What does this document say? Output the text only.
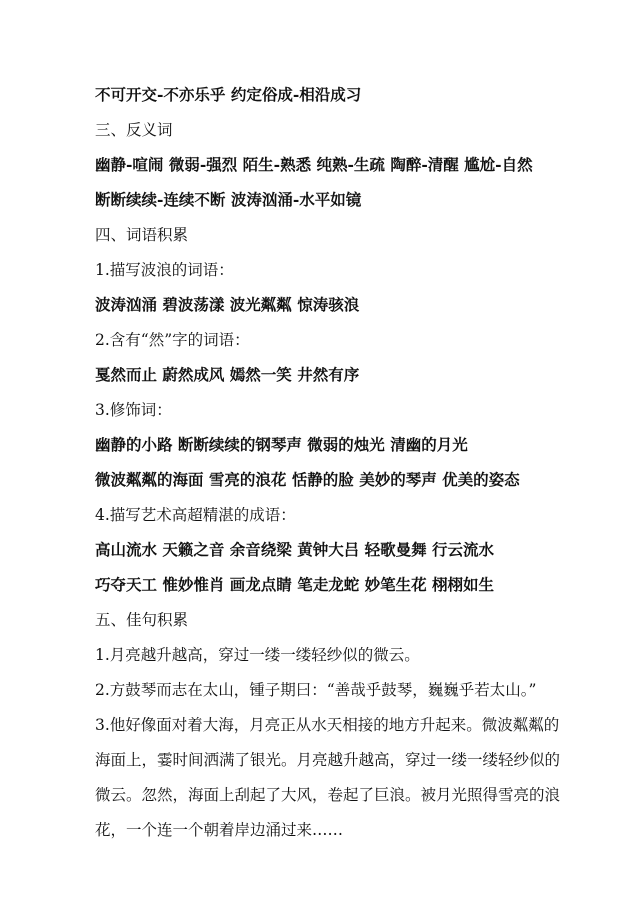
不可开交-不亦乐乎 约定俗成-相沿成习
三、反义词
幽静-喧闹 微弱-强烈 陌生-熟悉 纯熟-生疏 陶醉-清醒 尴尬-自然
断断续续-连续不断 波涛汹涌-水平如镜
四、词语积累
1.描写波浪的词语：
波涛汹涌 碧波荡漾 波光粼粼 惊涛骇浪
2.含有“然”字的词语：
戛然而止 蔚然成风 嫣然一笑 井然有序
3.修饰词：
幽静的小路 断断续续的钢琴声 微弱的烛光 清幽的月光
微波粼粼的海面 雪亮的浪花 恬静的脸 美妙的琴声 优美的姿态
4.描写艺术高超精湛的成语：
高山流水 天籁之音 余音绕梁 黄钟大吕 轻歌曼舞 行云流水
巧夺天工 惟妙惟肖 画龙点睛 笔走龙蛇 妙笔生花 栩栩如生
五、佳句积累
1.月亮越升越高，穿过一缕一缕轻纱似的微云。
2.方鼓琴而志在太山，锺子期曰：“善哉乎鼓琴，巍巍乎若太山。”
3.他好像面对着大海，月亮正从水天相接的地方升起来。微波粼粼的
海面上，霎时间洒满了银光。月亮越升越高，穿过一缕一缕轻纱似的
微云。忽然，海面上刮起了大风，卷起了巨浪。被月光照得雪亮的浪
花，一个连一个朝着岸边涌过来……
